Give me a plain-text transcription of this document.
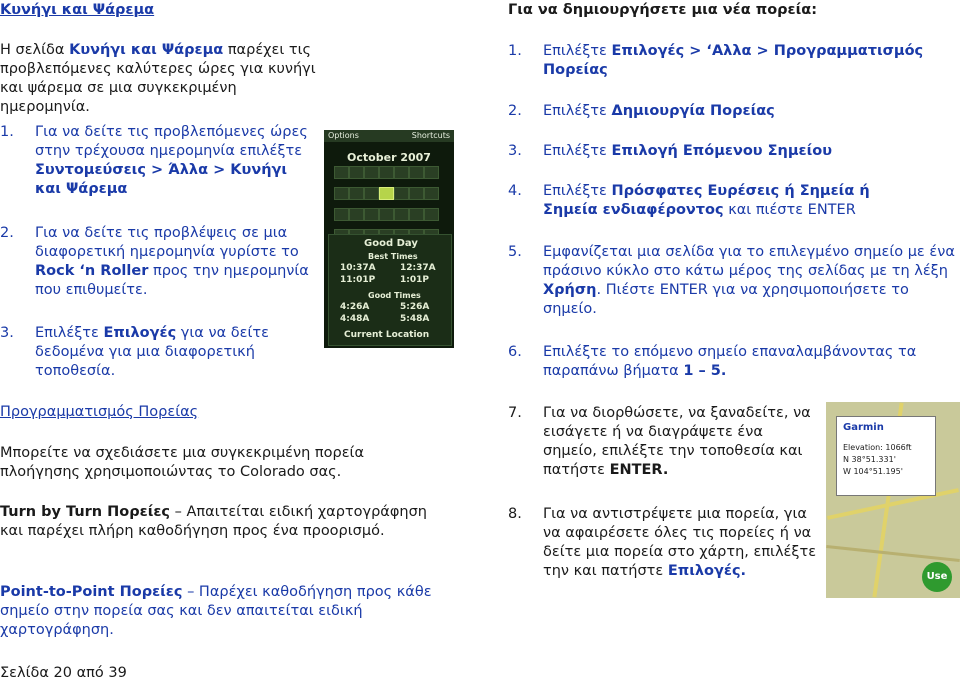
Κυνήγι και Ψάρεμα

Η σελίδα Κυνήγι και Ψάρεμα παρέχει τις προβλεπόμενες καλύτερες ώρες για κυνήγι και ψάρεμα σε μια συγκεκριμένη ημερομηνία.

1. Για να δείτε τις προβλεπόμενες ώρες στην τρέχουσα ημερομηνία επιλέξτε Συντομεύσεις > Άλλα > Κυνήγι και Ψάρεμα

2. Για να δείτε τις προβλέψεις σε μια διαφορετική ημερομηνία γυρίστε το Rock ‘n Roller προς την ημερομηνία που επιθυμείτε.

3. Επιλέξτε Επιλογές για να δείτε δεδομένα για μια διαφορετική τοποθεσία.

Options	Shortcuts
October 2007

Good Day
Best Times
10:37A	12:37A
11:01P	1:01P
Good Times
4:26A	5:26A
4:48A	5:48A
Current Location
Προγραμματισμός Πορείας

Μπορείτε να σχεδιάσετε μια συγκεκριμένη πορεία πλοήγησης χρησιμοποιώντας το Colorado σας.

Turn by Turn Πορείες – Απαιτείται ειδική χαρτογράφηση και παρέχει πλήρη καθοδήγηση προς ένα προορισμό.

Point-to-Point Πορείες – Παρέχει καθοδήγηση προς κάθε σημείο στην πορεία σας και δεν απαιτείται ειδική χαρτογράφηση.

Σελίδα 20 από 39
Για να δημιουργήσετε μια νέα πορεία:
1. Επιλέξτε Επιλογές > ‘Αλλα > Προγραμματισμός Πορείας

2. Επιλέξτε Δημιουργία Πορείας

3. Επιλέξτε Επιλογή Επόμενου Σημείου

4. Επιλέξτε Πρόσφατες Ευρέσεις ή Σημεία ή Σημεία ενδιαφέροντος και πιέστε ENTER

5. Εμφανίζεται μια σελίδα για το επιλεγμένο σημείο με ένα πράσινο κύκλο στο κάτω μέρος της σελίδας με τη λέξη Χρήση. Πιέστε ENTER για να χρησιμοποιήσετε το σημείο.

6. Επιλέξτε το επόμενο σημείο επαναλαμβάνοντας τα παραπάνω βήματα 1 – 5.

7. Για να διορθώσετε, να ξαναδείτε, να εισάγετε ή να διαγράψετε ένα σημείο, επιλέξτε την τοποθεσία και πατήστε ENTER.

8. Για να αντιστρέψετε μια πορεία, για να αφαιρέσετε όλες τις πορείες ή να δείτε μια πορεία στο χάρτη, επιλέξτε την και πατήστε Επιλογές.

Garmin
Elevation: 1066ft
N 38°51.331'
W 104°51.195'
Use
